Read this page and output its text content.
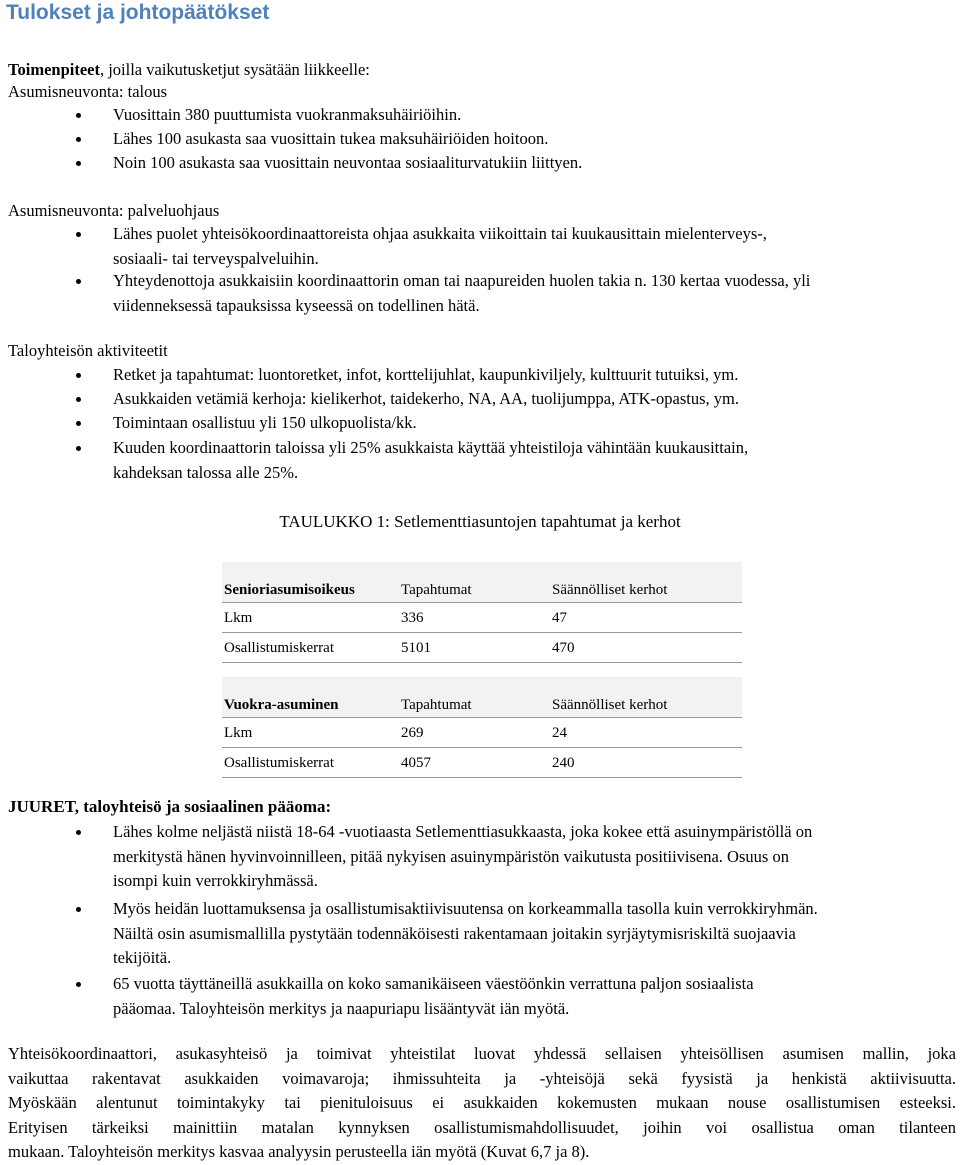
Tulokset ja johtopäätökset
Toimenpiteet, joilla vaikutusketjut sysätään liikkeelle:
Asumisneuvonta: talous
Vuosittain 380 puuttumista vuokranmaksuhäiriöihin.
Lähes 100 asukasta saa vuosittain tukea maksuhäiriöiden hoitoon.
Noin 100 asukasta saa vuosittain neuvontaa sosiaaliturvatukiin liittyen.
Asumisneuvonta: palveluohjaus
Lähes puolet yhteisökoordinaattoreista ohjaa asukkaita viikoittain tai kuukausittain mielenterveys-,
sosiaali- tai terveyspalveluihin.
Yhteydenottoja asukkaisiin koordinaattorin oman tai naapureiden huolen takia n. 130 kertaa vuodessa, yli
viidenneksessä tapauksissa kyseessä on todellinen hätä.
Taloyhteisön aktiviteetit
Retket ja tapahtumat: luontoretket, infot, korttelijuhlat, kaupunkiviljely, kulttuurit tutuiksi, ym.
Asukkaiden vetämiä kerhoja: kielikerhot, taidekerho, NA, AA, tuolijumppa, ATK-opastus, ym.
Toimintaan osallistuu yli 150 ulkopuolista/kk.
Kuuden koordinaattorin taloissa yli 25% asukkaista käyttää yhteistiloja vähintään kuukausittain,
kahdeksan talossa alle 25%.
TAULUKKO 1: Setlementtiasuntojen tapahtumat ja kerhot
Senioriasumisoikeus	Tapahtumat	Säännölliset kerhot
Lkm	336	47
Osallistumiskerrat	5101	470
Vuokra-asuminen	Tapahtumat	Säännölliset kerhot
Lkm	269	24
Osallistumiskerrat	4057	240
JUURET, taloyhteisö ja sosiaalinen pääoma:
Lähes kolme neljästä niistä 18-64 -vuotiaasta Setlementtiasukkaasta, joka kokee että asuinympäristöllä on
merkitystä hänen hyvinvoinnilleen, pitää nykyisen asuinympäristön vaikutusta positiivisena. Osuus on
isompi kuin verrokkiryhmässä.
Myös heidän luottamuksensa ja osallistumisaktiivisuutensa on korkeammalla tasolla kuin verrokkiryhmän.
Näiltä osin asumismallilla pystytään todennäköisesti rakentamaan joitakin syrjäytymisriskiltä suojaavia
tekijöitä.
65 vuotta täyttäneillä asukkailla on koko samanikäiseen väestöönkin verrattuna paljon sosiaalista
pääomaa. Taloyhteisön merkitys ja naapuriapu lisääntyvät iän myötä.
Yhteisökoordinaattori, asukasyhteisö ja toimivat yhteistilat luovat yhdessä sellaisen yhteisöllisen asumisen mallin, joka
vaikuttaa rakentavat asukkaiden voimavaroja; ihmissuhteita ja -yhteisöjä sekä fyysistä ja henkistä aktiivisuutta.
Myöskään alentunut toimintakyky tai pienituloisuus ei asukkaiden kokemusten mukaan nouse osallistumisen esteeksi.
Erityisen tärkeiksi mainittiin matalan kynnyksen osallistumismahdollisuudet, joihin voi osallistua oman tilanteen
mukaan. Taloyhteisön merkitys kasvaa analyysin perusteella iän myötä (Kuvat 6,7 ja 8).
